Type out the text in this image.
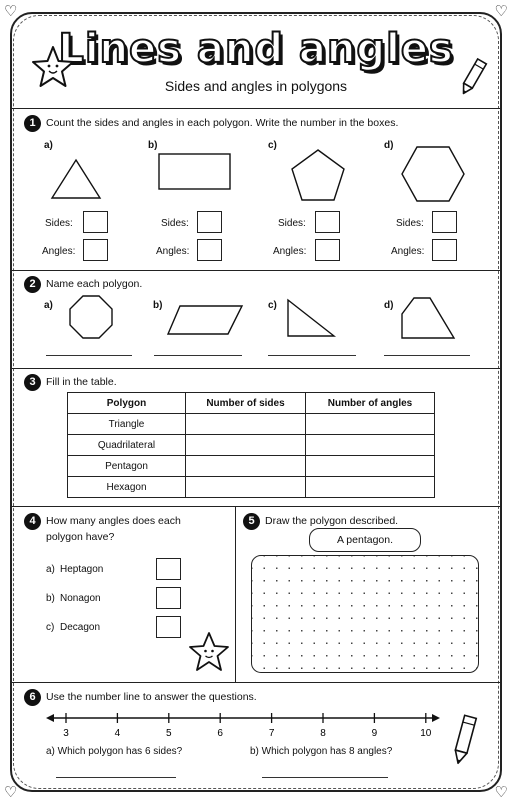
♡	♡
♡	♡
Lines and angles
Sides and angles in polygons
1 Count the sides and angles in each polygon. Write the number in the boxes.
a)	b)	c)	d)
Sides:	Sides:	Sides:	Sides:
Angles:	Angles:	Angles:	Angles:
2 Name each polygon.
a)	b)	c)	d)
3 Fill in the table.
Polygon	Number of sides	Number of angles
Triangle		
Quadrilateral		
Pentagon		
Hexagon		
4 How many angles does each
polygon have?
a) Heptagon
b) Nonagon
c) Decagon
5 Draw the polygon described.
A pentagon.
6 Use the number line to answer the questions.
3	4	5	6	7	8	9	10
a) Which polygon has 6 sides?	b) Which polygon has 8 angles?
